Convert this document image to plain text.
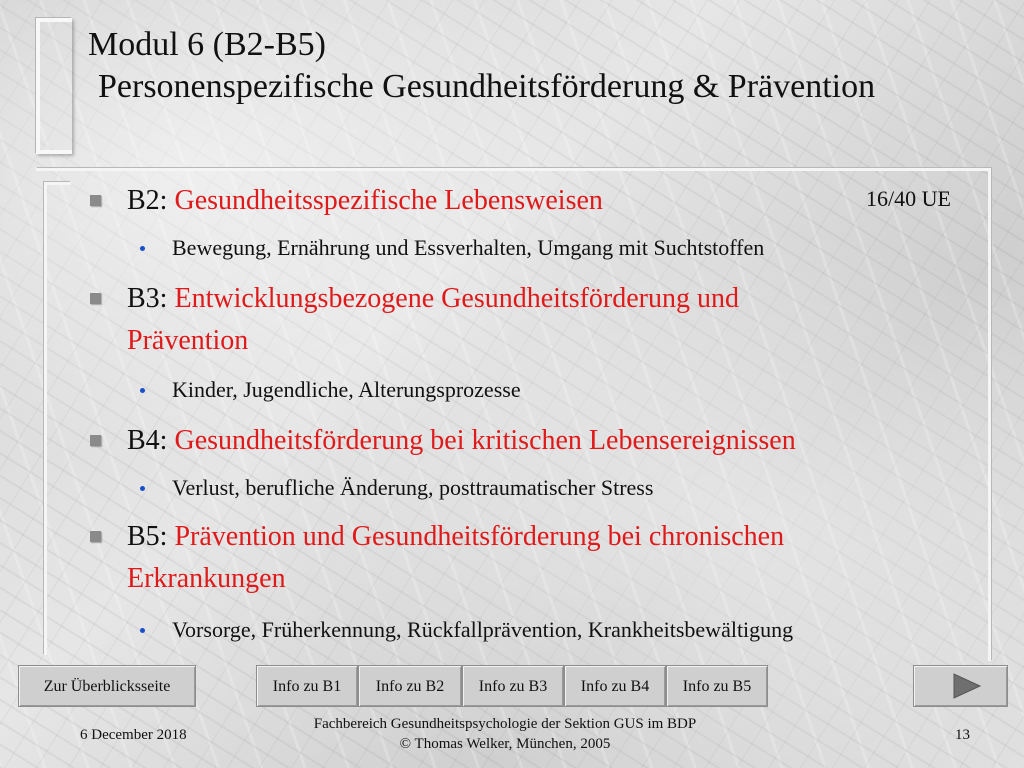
Modul 6 (B2-B5)
Personenspezifische Gesundheitsförderung & Prävention
16/40 UE
B2: Gesundheitsspezifische Lebensweisen
Bewegung, Ernährung und Essverhalten, Umgang mit Suchtstoffen
B3: Entwicklungsbezogene Gesundheitsförderung und
Prävention
Kinder, Jugendliche, Alterungsprozesse
B4: Gesundheitsförderung bei kritischen Lebensereignissen
Verlust, berufliche Änderung, posttraumatischer Stress
B5: Prävention und Gesundheitsförderung bei chronischen
Erkrankungen
Vorsorge, Früherkennung, Rückfallprävention, Krankheitsbewältigung
Zur Überblicksseite	Info zu B1	Info zu B2	Info zu B3	Info zu B4	Info zu B5
6 December 2018
Fachbereich Gesundheitspsychologie der Sektion GUS im BDP
© Thomas Welker, München, 2005
13
